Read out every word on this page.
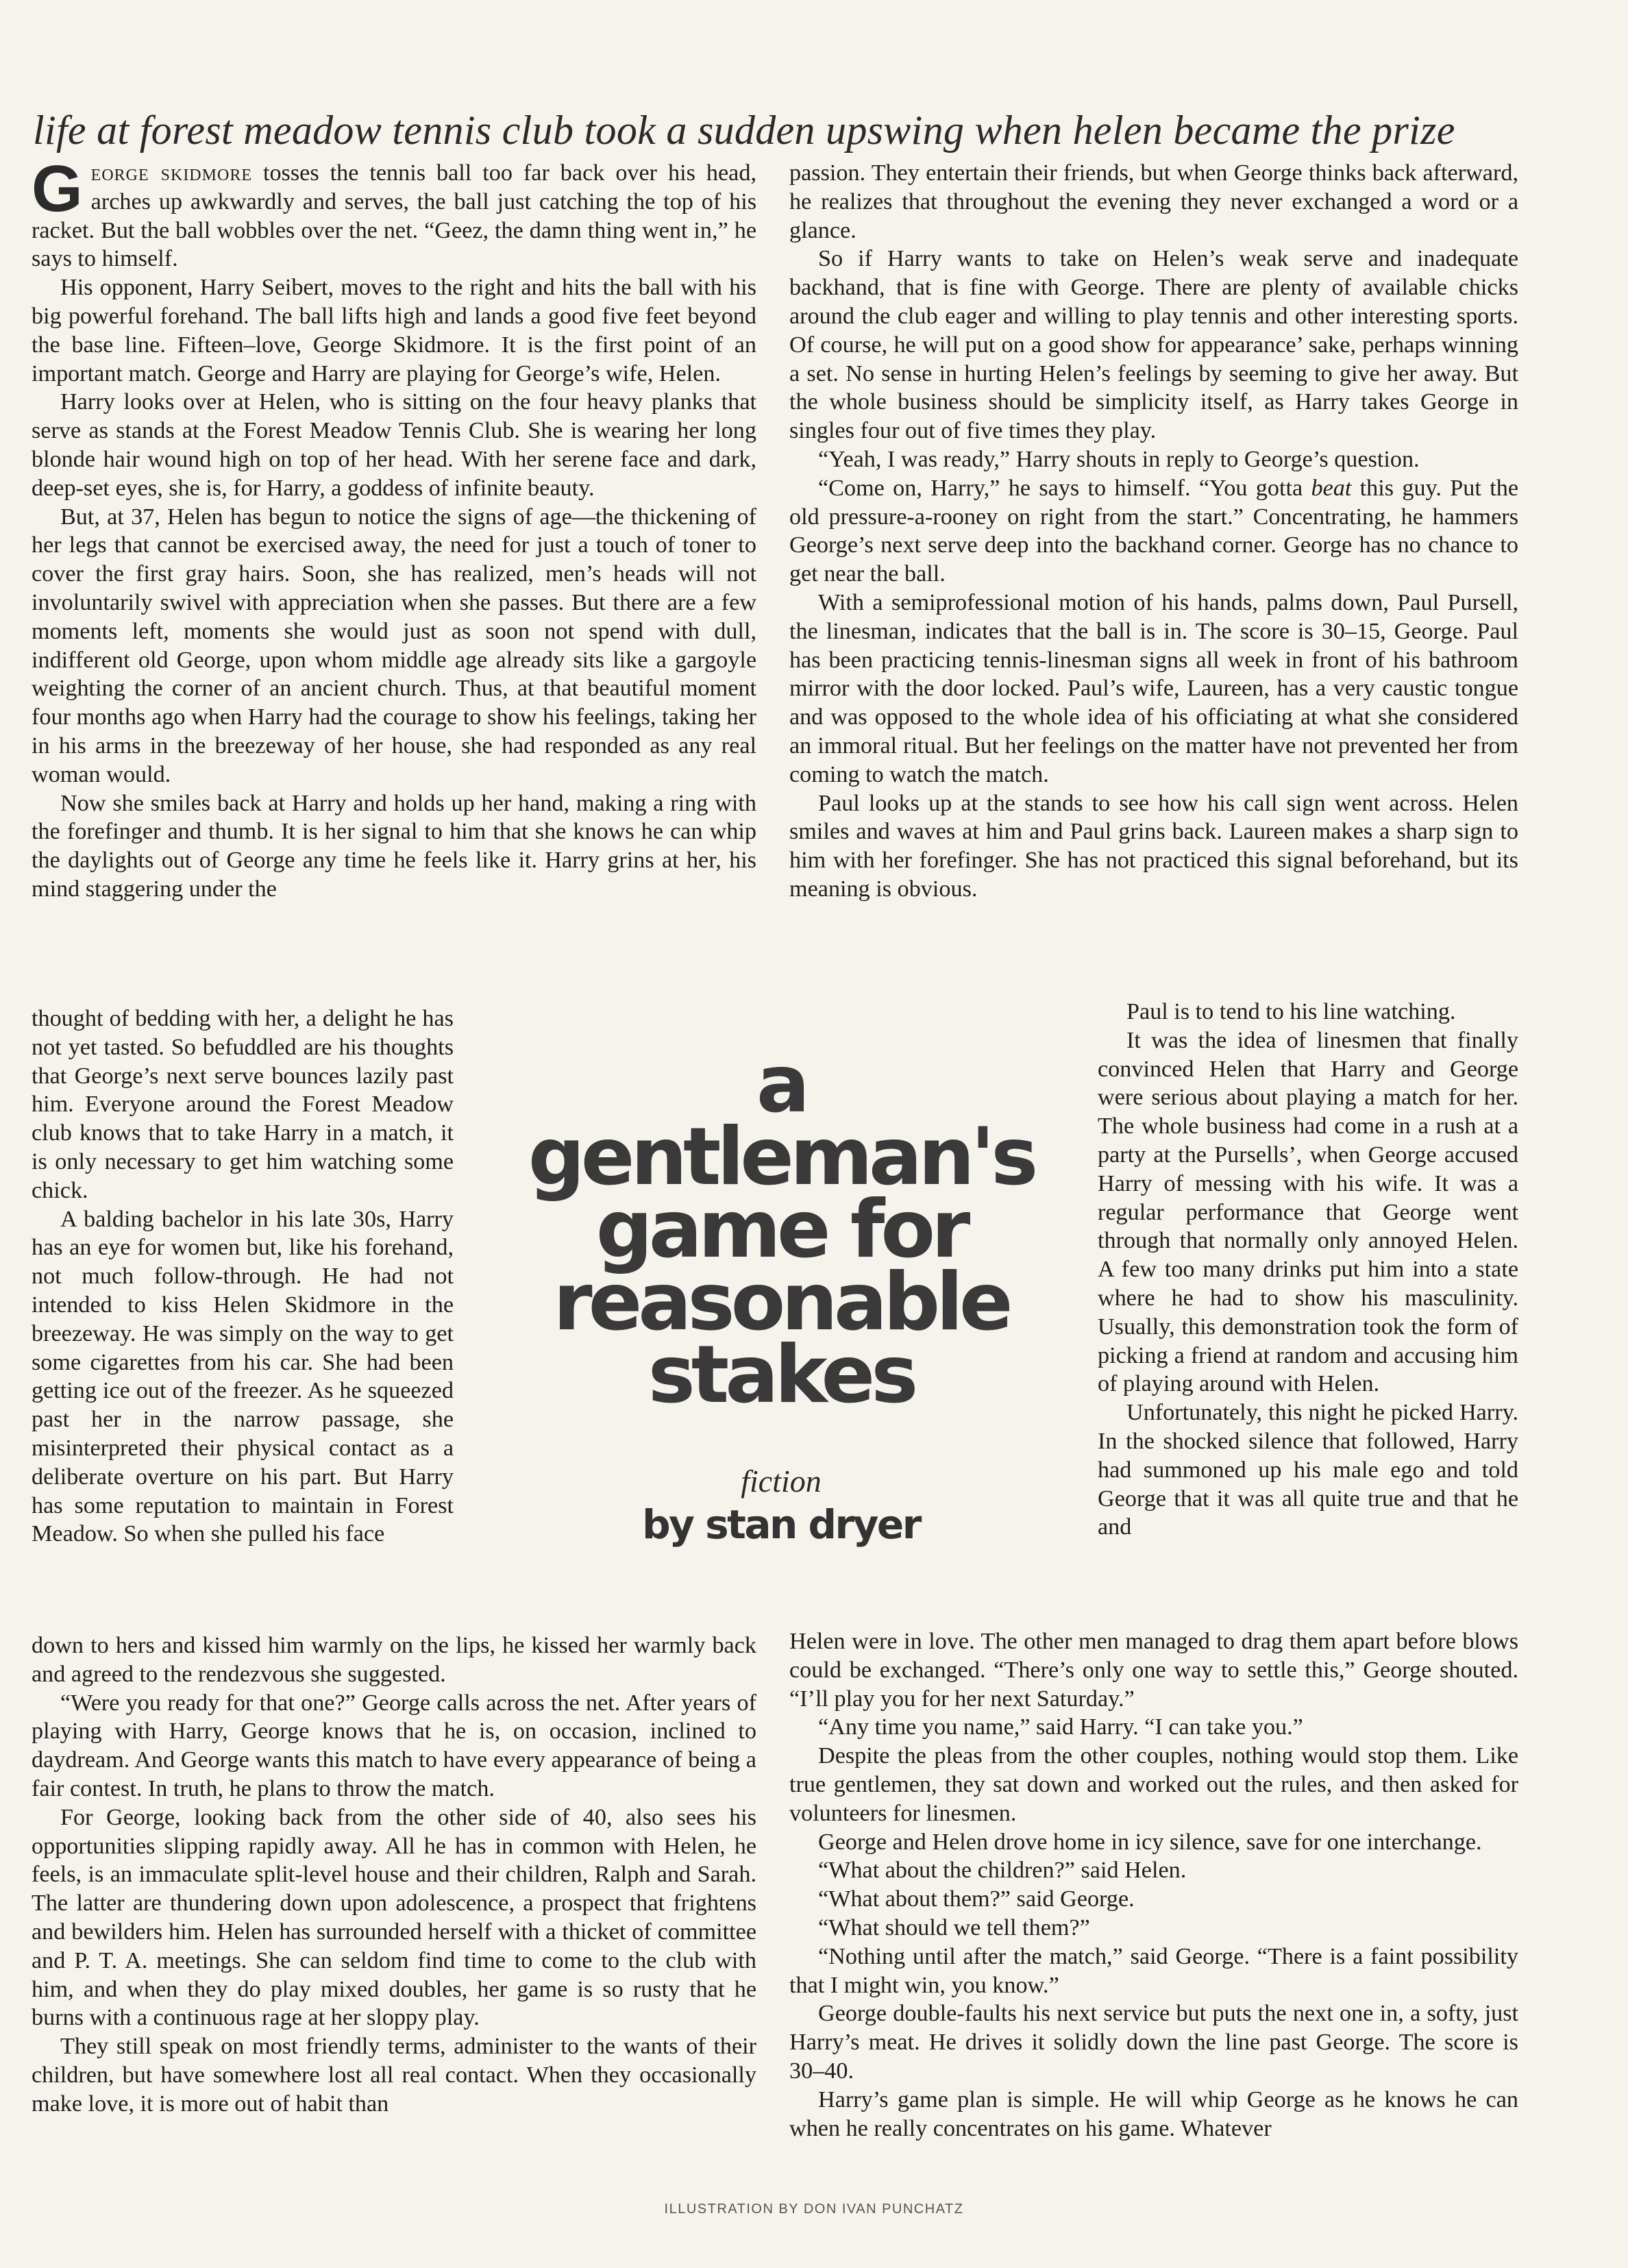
life at forest meadow tennis club took a sudden upswing when helen became the prize

George skidmore tosses the tennis ball too far back over his head, arches up awkwardly and serves, the ball just catching the top of his racket. But the ball wobbles over the net. “Geez, the damn thing went in,” he says to himself.

His opponent, Harry Seibert, moves to the right and hits the ball with his big powerful forehand. The ball lifts high and lands a good five feet beyond the base line. Fifteen–love, George Skidmore. It is the first point of an important match. George and Harry are playing for George’s wife, Helen.

Harry looks over at Helen, who is sitting on the four heavy planks that serve as stands at the Forest Meadow Tennis Club. She is wearing her long blonde hair wound high on top of her head. With her serene face and dark, deep-set eyes, she is, for Harry, a goddess of infinite beauty.

But, at 37, Helen has begun to notice the signs of age—the thickening of her legs that cannot be exercised away, the need for just a touch of toner to cover the first gray hairs. Soon, she has realized, men’s heads will not involuntarily swivel with appreciation when she passes. But there are a few moments left, moments she would just as soon not spend with dull, indifferent old George, upon whom middle age already sits like a gargoyle weighting the corner of an ancient church. Thus, at that beautiful moment four months ago when Harry had the courage to show his feelings, taking her in his arms in the breezeway of her house, she had responded as any real woman would.

Now she smiles back at Harry and holds up her hand, making a ring with the forefinger and thumb. It is her signal to him that she knows he can whip the daylights out of George any time he feels like it. Harry grins at her, his mind staggering under the

thought of bedding with her, a delight he has not yet tasted. So befuddled are his thoughts that George’s next serve bounces lazily past him. Everyone around the Forest Meadow club knows that to take Harry in a match, it is only necessary to get him watching some chick.

A balding bachelor in his late 30s, Harry has an eye for women but, like his forehand, not much follow-through. He had not intended to kiss Helen Skidmore in the breezeway. He was simply on the way to get some cigarettes from his car. She had been getting ice out of the freezer. As he squeezed past her in the narrow passage, she misinterpreted their physical contact as a deliberate overture on his part. But Harry has some reputation to maintain in Forest Meadow. So when she pulled his face

down to hers and kissed him warmly on the lips, he kissed her warmly back and agreed to the rendezvous she suggested.

“Were you ready for that one?” George calls across the net. After years of playing with Harry, George knows that he is, on occasion, inclined to daydream. And George wants this match to have every appearance of being a fair contest. In truth, he plans to throw the match.

For George, looking back from the other side of 40, also sees his opportunities slipping rapidly away. All he has in common with Helen, he feels, is an immaculate split-level house and their children, Ralph and Sarah. The latter are thundering down upon adolescence, a prospect that frightens and bewilders him. Helen has surrounded herself with a thicket of committee and P. T. A. meetings. She can seldom find time to come to the club with him, and when they do play mixed doubles, her game is so rusty that he burns with a continuous rage at her sloppy play.

They still speak on most friendly terms, administer to the wants of their children, but have somewhere lost all real contact. When they occasionally make love, it is more out of habit than

passion. They entertain their friends, but when George thinks back afterward, he realizes that throughout the evening they never exchanged a word or a glance.

So if Harry wants to take on Helen’s weak serve and inadequate backhand, that is fine with George. There are plenty of available chicks around the club eager and willing to play tennis and other interesting sports. Of course, he will put on a good show for appearance’ sake, perhaps winning a set. No sense in hurting Helen’s feelings by seeming to give her away. But the whole business should be simplicity itself, as Harry takes George in singles four out of five times they play.

“Yeah, I was ready,” Harry shouts in reply to George’s question.

“Come on, Harry,” he says to himself. “You gotta beat this guy. Put the old pressure-a-rooney on right from the start.” Concentrating, he hammers George’s next serve deep into the backhand corner. George has no chance to get near the ball.

With a semiprofessional motion of his hands, palms down, Paul Pursell, the linesman, indicates that the ball is in. The score is 30–15, George. Paul has been practicing tennis-linesman signs all week in front of his bathroom mirror with the door locked. Paul’s wife, Laureen, has a very caustic tongue and was opposed to the whole idea of his officiating at what she considered an immoral ritual. But her feelings on the matter have not prevented her from coming to watch the match.

Paul looks up at the stands to see how his call sign went across. Helen smiles and waves at him and Paul grins back. Laureen makes a sharp sign to him with her forefinger. She has not practiced this signal beforehand, but its meaning is obvious.

Paul is to tend to his line watching.

It was the idea of linesmen that finally convinced Helen that Harry and George were serious about playing a match for her. The whole business had come in a rush at a party at the Pursells’, when George accused Harry of messing with his wife. It was a regular performance that George went through that normally only annoyed Helen. A few too many drinks put him into a state where he had to show his masculinity. Usually, this demonstration took the form of picking a friend at random and accusing him of playing around with Helen.

Unfortunately, this night he picked Harry. In the shocked silence that followed, Harry had summoned up his male ego and told George that it was all quite true and that he and

Helen were in love. The other men managed to drag them apart before blows could be exchanged. “There’s only one way to settle this,” George shouted. “I’ll play you for her next Saturday.”

“Any time you name,” said Harry. “I can take you.”

Despite the pleas from the other couples, nothing would stop them. Like true gentlemen, they sat down and worked out the rules, and then asked for volunteers for linesmen.

George and Helen drove home in icy silence, save for one interchange.

“What about the children?” said Helen.

“What about them?” said George.

“What should we tell them?”

“Nothing until after the match,” said George. “There is a faint possibility that I might win, you know.”

George double-faults his next service but puts the next one in, a softy, just Harry’s meat. He drives it solidly down the line past George. The score is 30–40.

Harry’s game plan is simple. He will whip George as he knows he can when he really concentrates on his game. Whatever

a
gentleman's
game for
reasonable
stakes
fiction
by stan dryer
ILLUSTRATION BY DON IVAN PUNCHATZ
